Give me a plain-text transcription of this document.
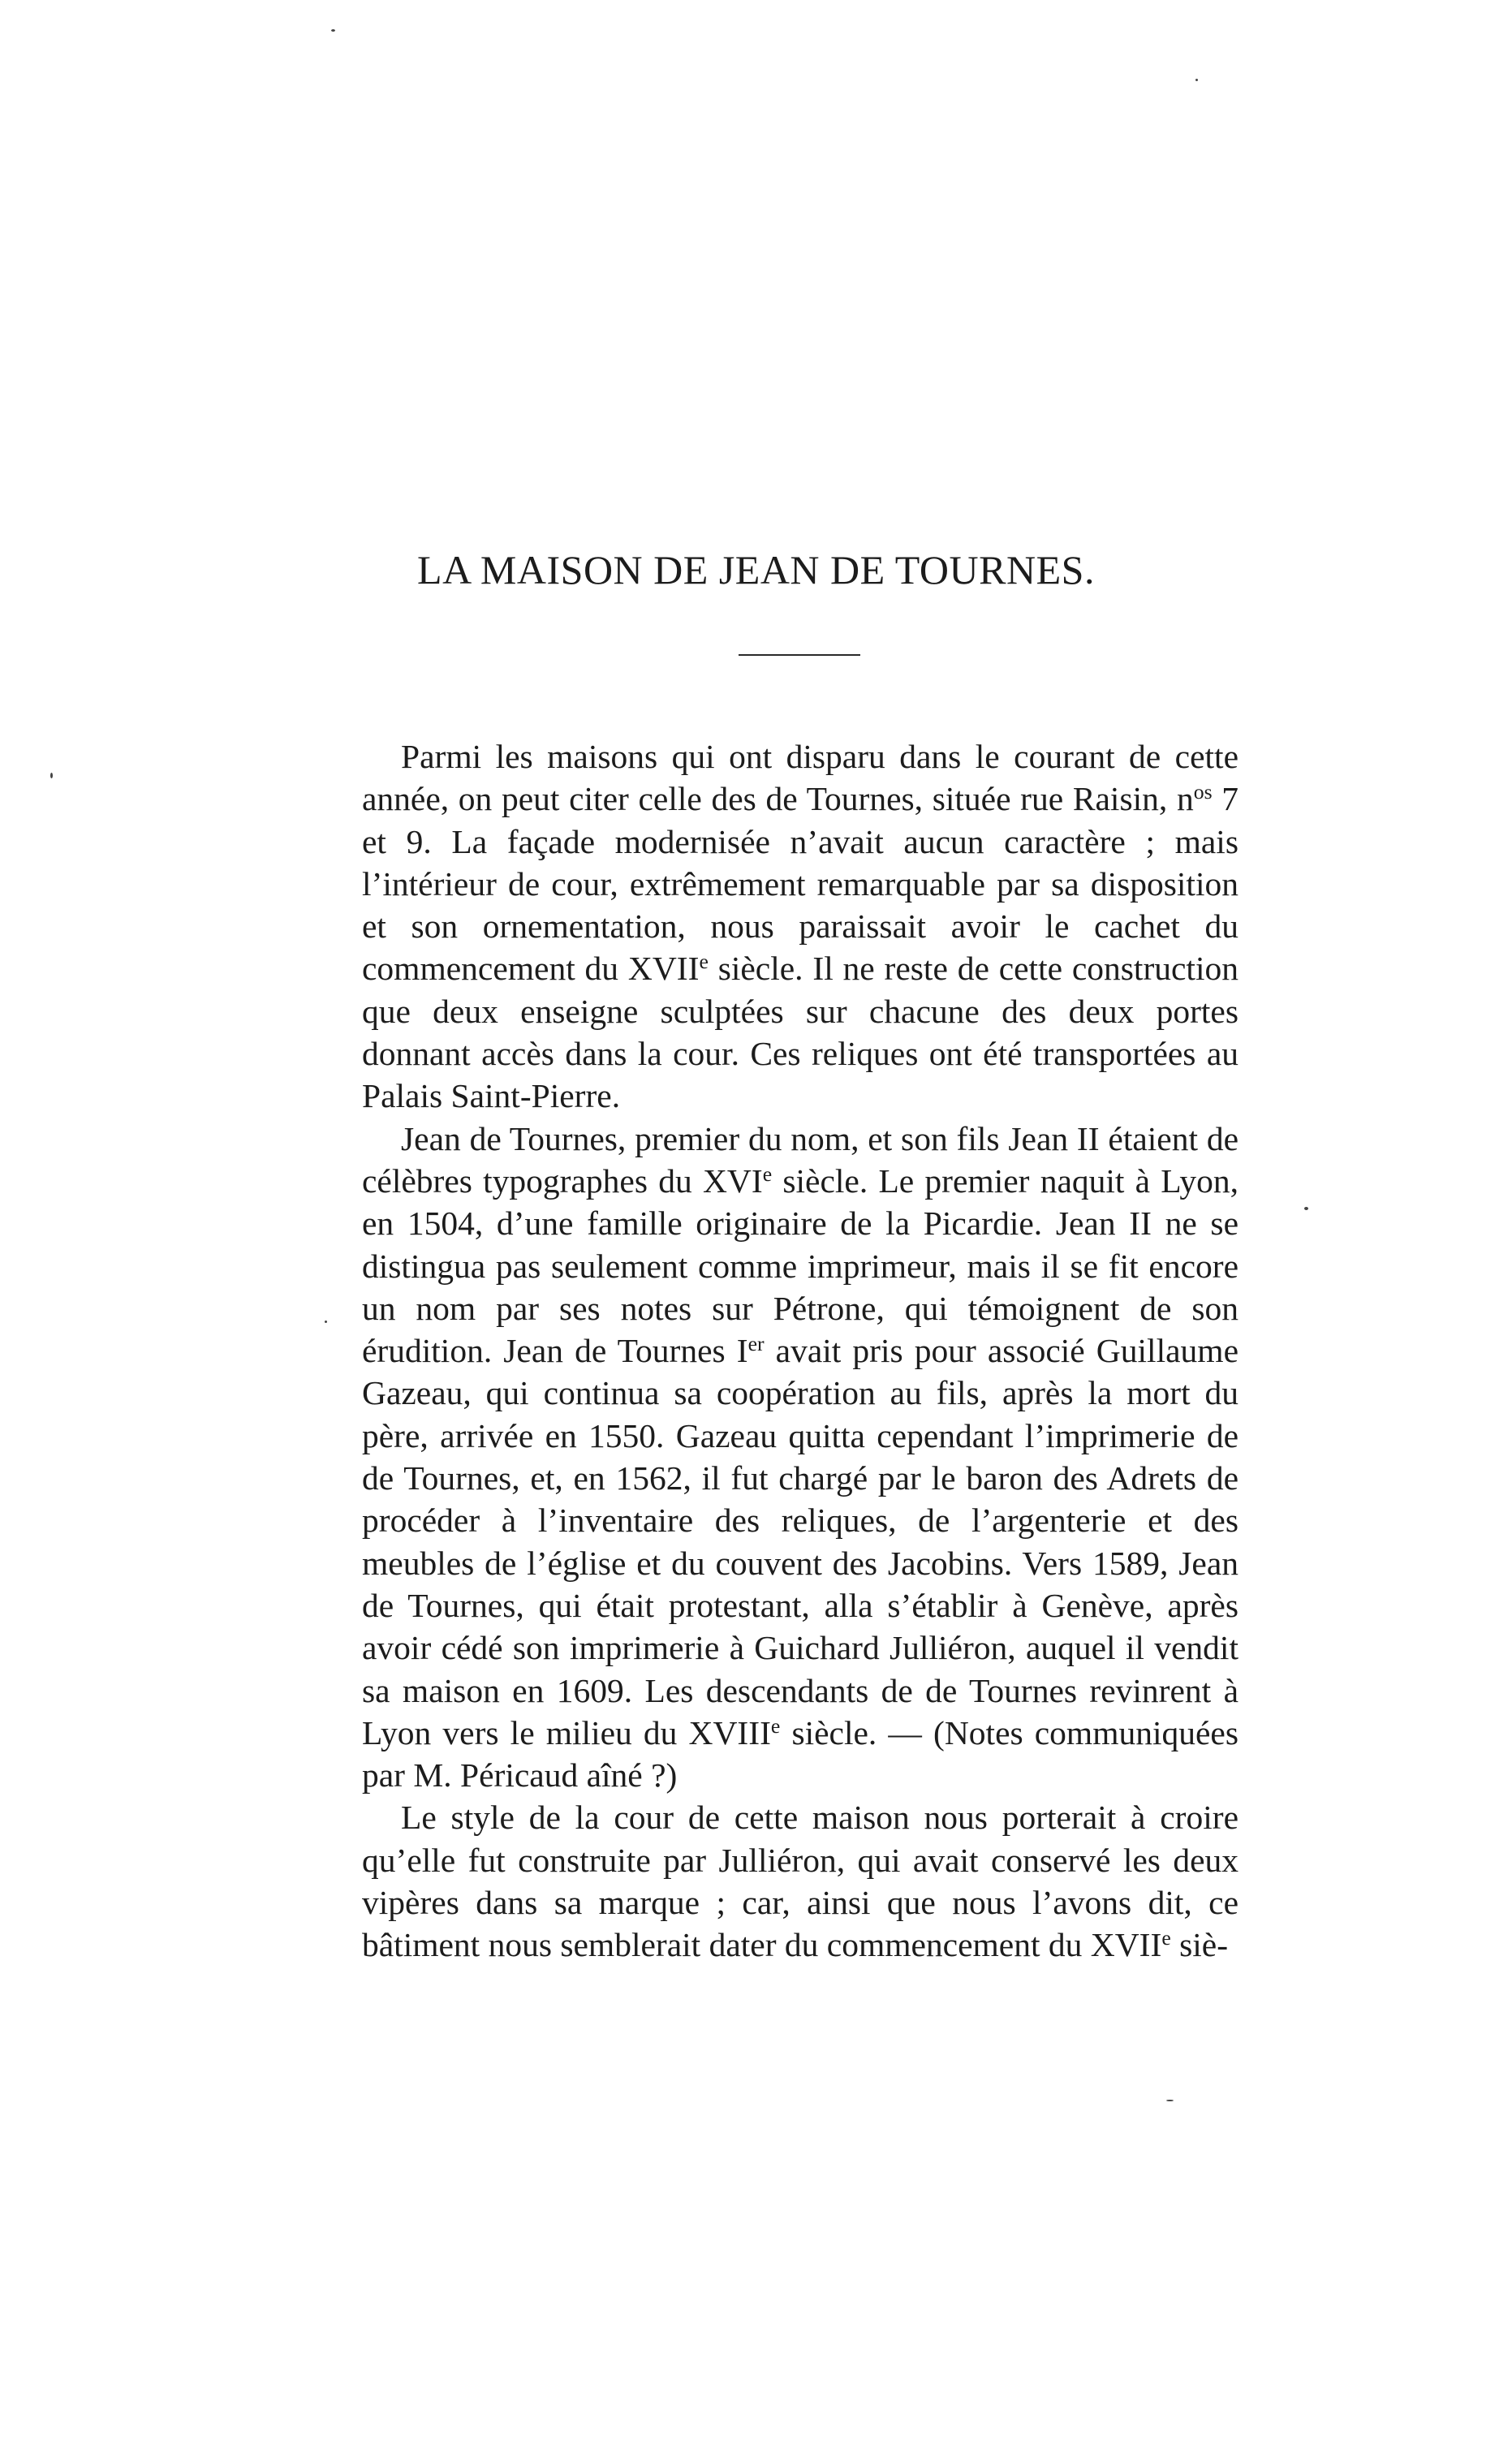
LA MAISON DE JEAN DE TOURNES.

Parmi les maisons qui ont disparu dans le courant de cette année, on peut citer celle des de Tournes, située rue Raisin, $n^{os}$ 7 et 9. La façade modernisée n’avait aucun caractère ; mais l’intérieur de cour, extrêmement remarquable par sa disposition et son ornementation, nous paraissait avoir le cachet du commencement du XVIIe siècle. Il ne reste de cette construction que deux enseigne sculptées sur chacune des deux portes donnant accès dans la cour. Ces reliques ont été transportées au Palais Saint-Pierre.

Jean de Tournes, premier du nom, et son fils Jean II étaient de célèbres typographes du XVIe siècle. Le premier naquit à Lyon, en 1504, d’une famille originaire de la Picardie. Jean II ne se distingua pas seulement comme imprimeur, mais il se fit encore un nom par ses notes sur Pétrone, qui témoignent de son érudition. Jean de Tournes Ier avait pris pour associé Guillaume Gazeau, qui continua sa coopération au fils, après la mort du père, arrivée en 1550. Gazeau quitta cependant l’imprimerie de de Tournes, et, en 1562, il fut chargé par le baron des Adrets de procéder à l’inventaire des reliques, de l’argenterie et des meubles de l’église et du couvent des Jacobins. Vers 1589, Jean de Tournes, qui était protestant, alla s’établir à Genève, après avoir cédé son imprimerie à Guichard Julliéron, auquel il vendit sa maison en 1609. Les descendants de de Tournes revinrent à Lyon vers le milieu du XVIIIe siècle. — (Notes communiquées par M. Péricaud aîné ?)

Le style de la cour de cette maison nous porterait à croire qu’elle fut construite par Julliéron, qui avait conservé les deux vipères dans sa marque ; car, ainsi que nous l’avons dit, ce bâtiment nous semblerait dater du commencement du XVIIe siè-
